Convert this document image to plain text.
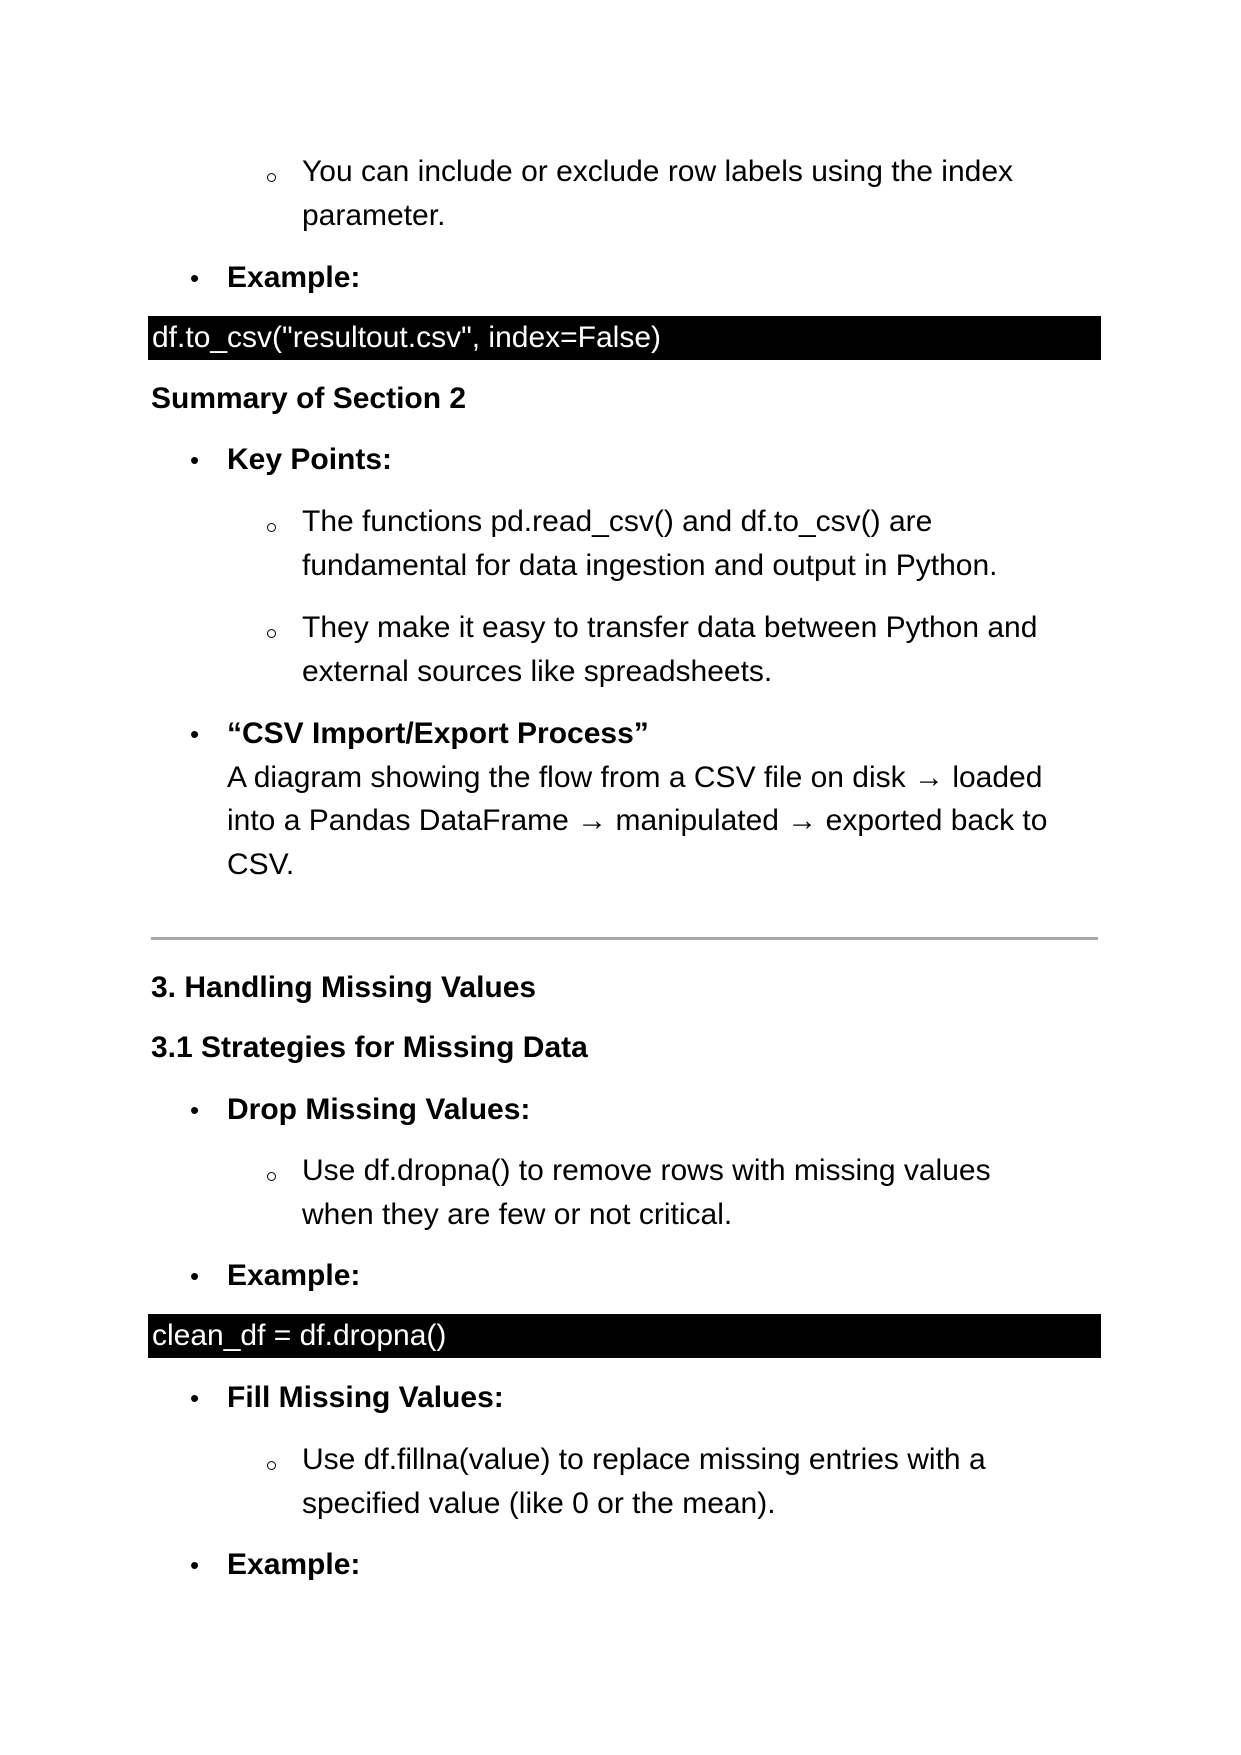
You can include or exclude row labels using the index
parameter.
• Example:
df.to_csv("resultout.csv", index=False)
Summary of Section 2
• Key Points:
The functions pd.read_csv() and df.to_csv() are
fundamental for data ingestion and output in Python.
They make it easy to transfer data between Python and
external sources like spreadsheets.
• “CSV Import/Export Process”
A diagram showing the flow from a CSV file on disk → loaded
into a Pandas DataFrame → manipulated → exported back to
CSV.
3. Handling Missing Values
3.1 Strategies for Missing Data
• Drop Missing Values:
Use df.dropna() to remove rows with missing values
when they are few or not critical.
• Example:
clean_df = df.dropna()
• Fill Missing Values:
Use df.fillna(value) to replace missing entries with a
specified value (like 0 or the mean).
• Example:
